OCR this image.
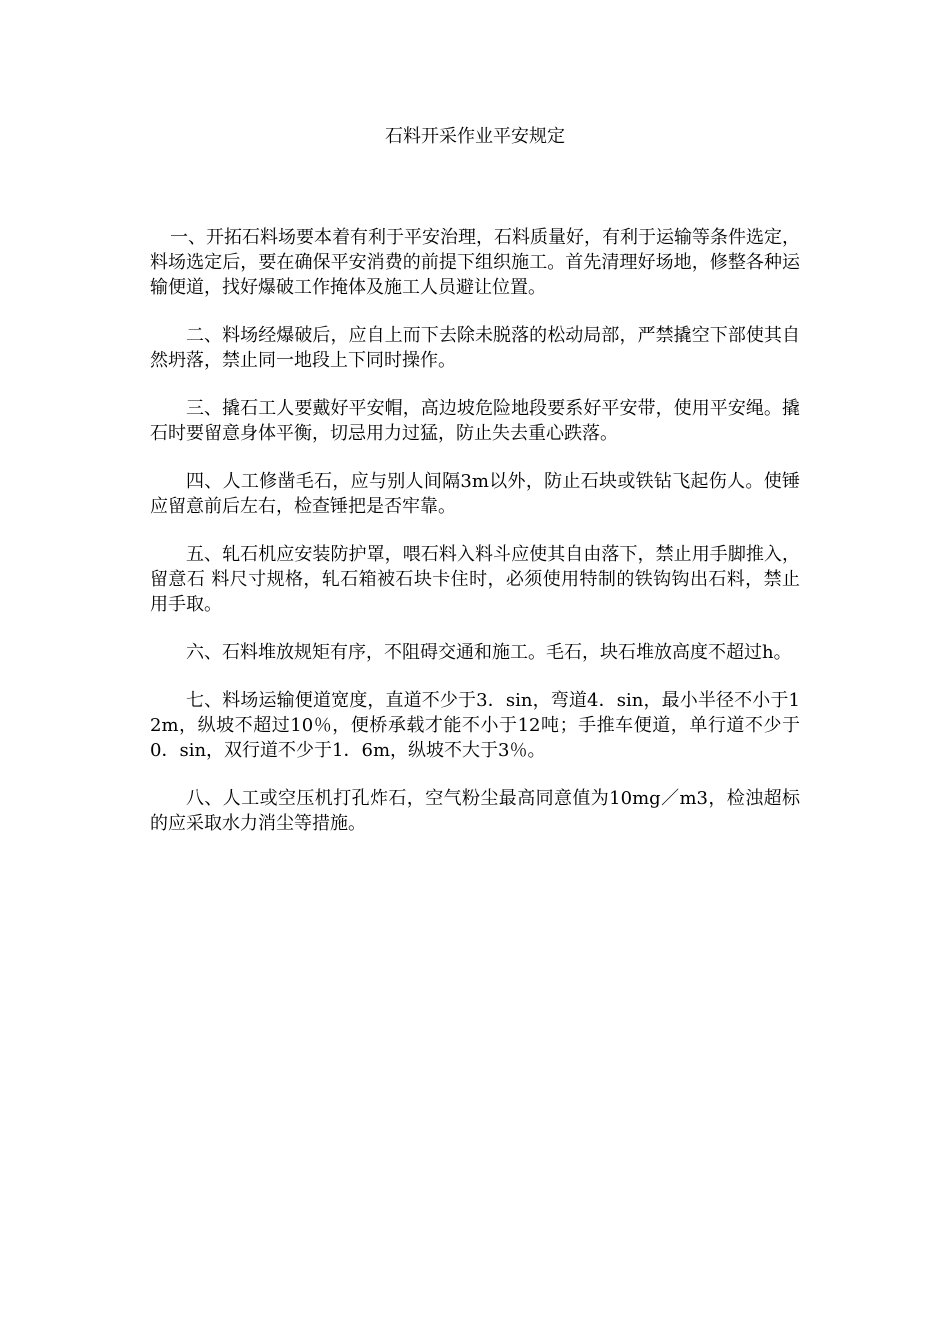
石料开采作业平安规定

一、开拓石料场要本着有利于平安治理，石料质量好，有利于运输等条件选定，料场选定后，要在确保平安消费的前提下组织施工。首先清理好场地，修整各种运输便道，找好爆破工作掩体及施工人员避让位置。

二、料场经爆破后，应自上而下去除未脱落的松动局部，严禁撬空下部使其自然坍落，禁止同一地段上下同时操作。

三、撬石工人要戴好平安帽，高边坡危险地段要系好平安带，使用平安绳。撬石时要留意身体平衡，切忌用力过猛，防止失去重心跌落。

四、人工修凿毛石，应与别人间隔3m以外，防止石块或铁钻飞起伤人。使锤应留意前后左右，检查锤把是否牢靠。

五、轧石机应安装防护罩，喂石料入料斗应使其自由落下，禁止用手脚推入，留意石 料尺寸规格，轧石箱被石块卡住时，必须使用特制的铁钩钩出石料，禁止用手取。

六、石料堆放规矩有序，不阻碍交通和施工。毛石，块石堆放高度不超过h。

七、料场运输便道宽度，直道不少于3．sin，弯道4．sin，最小半径不小于12m，纵坡不超过10％，便桥承载才能不小于12吨；手推车便道，单行道不少于0．sin，双行道不少于1．6m，纵坡不大于3％。

八、人工或空压机打孔炸石，空气粉尘最高同意值为10mg／m3，检浊超标的应采取水力消尘等措施。
